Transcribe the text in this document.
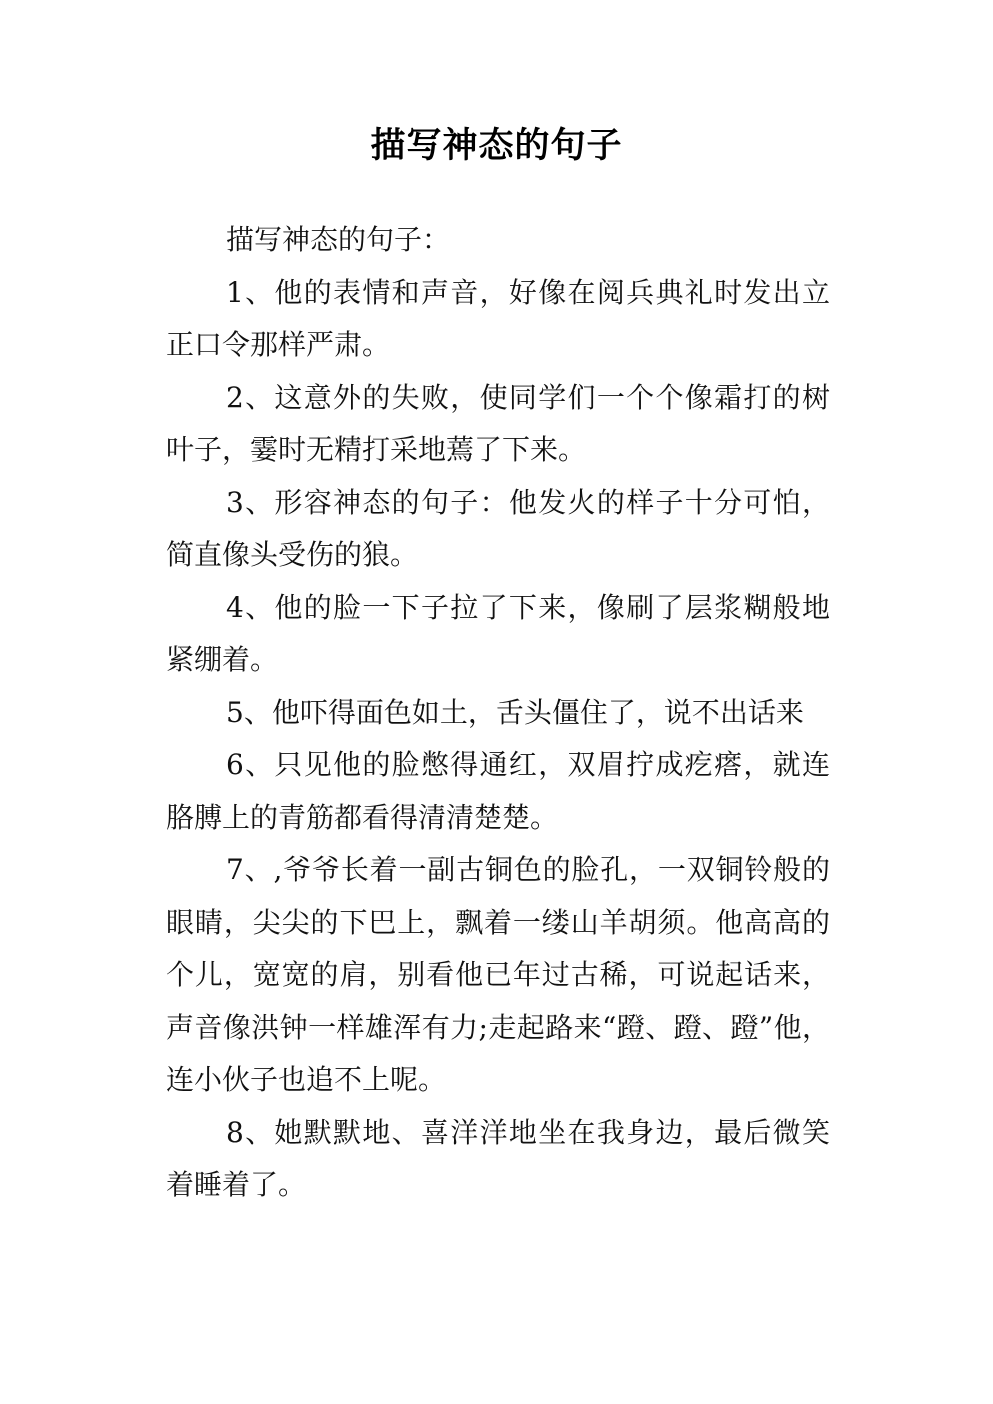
描写神态的句子

描写神态的句子：

1、他的表情和声音，好像在阅兵典礼时发出立正口令那样严肃。

2、这意外的失败，使同学们一个个像霜打的树叶子，霎时无精打采地蔫了下来。

3、形容神态的句子：他发火的样子十分可怕，简直像头受伤的狼。

4、他的脸一下子拉了下来，像刷了层浆糊般地紧绷着。

5、他吓得面色如土，舌头僵住了，说不出话来

6、只见他的脸憋得通红，双眉拧成疙瘩，就连胳膊上的青筋都看得清清楚楚。

7、,爷爷长着一副古铜色的脸孔，一双铜铃般的眼睛，尖尖的下巴上，飘着一缕山羊胡须。他高高的个儿，宽宽的肩，别看他已年过古稀，可说起话来，声音像洪钟一样雄浑有力;走起路来“蹬、蹬、蹬”他，连小伙子也追不上呢。

8、她默默地、喜洋洋地坐在我身边，最后微笑着睡着了。
